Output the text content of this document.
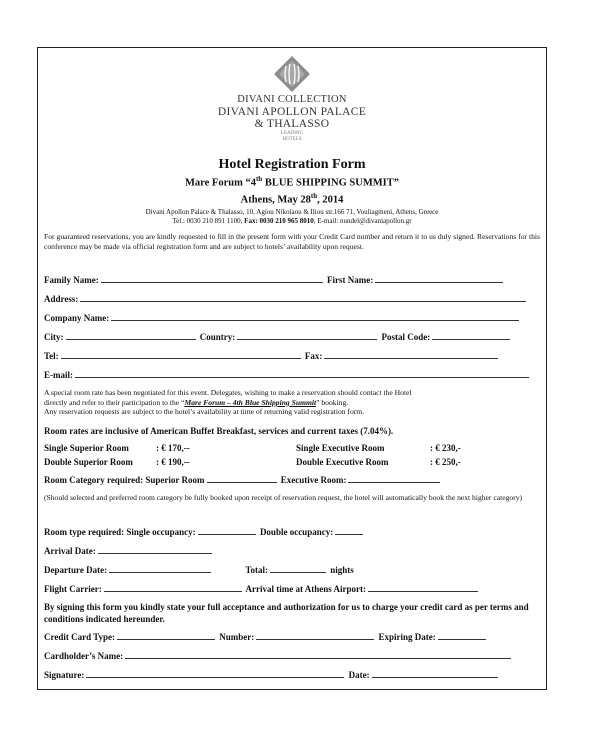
DIVANI COLLECTION
DIVANI APOLLON PALACE
& THALASSO
LEADING
HOTELS
Hotel Registration Form
Mare Forum “4th BLUE SHIPPING SUMMIT”
Athens, May 28th, 2014
Divani Apollon Palace & Thalasso, 10, Agiou Nikolaou & Iliou str.166 71, Vouliagmeni, Athens, Greece
Tel.: 0030 210 891 1100, Fax: 0030 210 965 8010, E-mail: nundel@divaniapollon.gr
For guaranteed reservations, you are kindly requested to fill in the present form with your Credit Card number and return it to us duly signed. Reservations for this conference may be made via official registration form and are subject to hotels’ availability upon request.
Family Name:	First Name:
Address:
Company Name:
City:	Country:	Postal Code:
Tel:	Fax:
E-mail:
A special room rate has been negotiated for this event. Delegates, wishing to make a reservation should contact the Hotel
directly and refer to their participation to the “Mare Forum – 4th Blue Shipping Summit” booking.
Any reservation requests are subject to the hotel’s availability at time of returning valid registration form.
Room rates are inclusive of American Buffet Breakfast, services and current taxes (7.04%).
Single Superior Room	: € 170,--	Single Executive Room	: € 230,-
Double Superior Room	: € 190,--	Double Executive Room	: € 250,-
Room Category required: Superior Room	Executive Room:
(Should selected and preferred room category be fully booked upon receipt of reservation request, the hotel will automatically book the next higher category)
Room type required: Single occupancy:	Double occupancy:
Arrival Date:
Departure Date:	Total:	nights
Flight Carrier:	Arrival time at Athens Airport:
By signing this form you kindly state your full acceptance and authorization for us to charge your credit card as per terms and conditions indicated hereunder.
Credit Card Type:	Number:	Expiring Date:
Cardholder’s Name:
Signature:	Date:
